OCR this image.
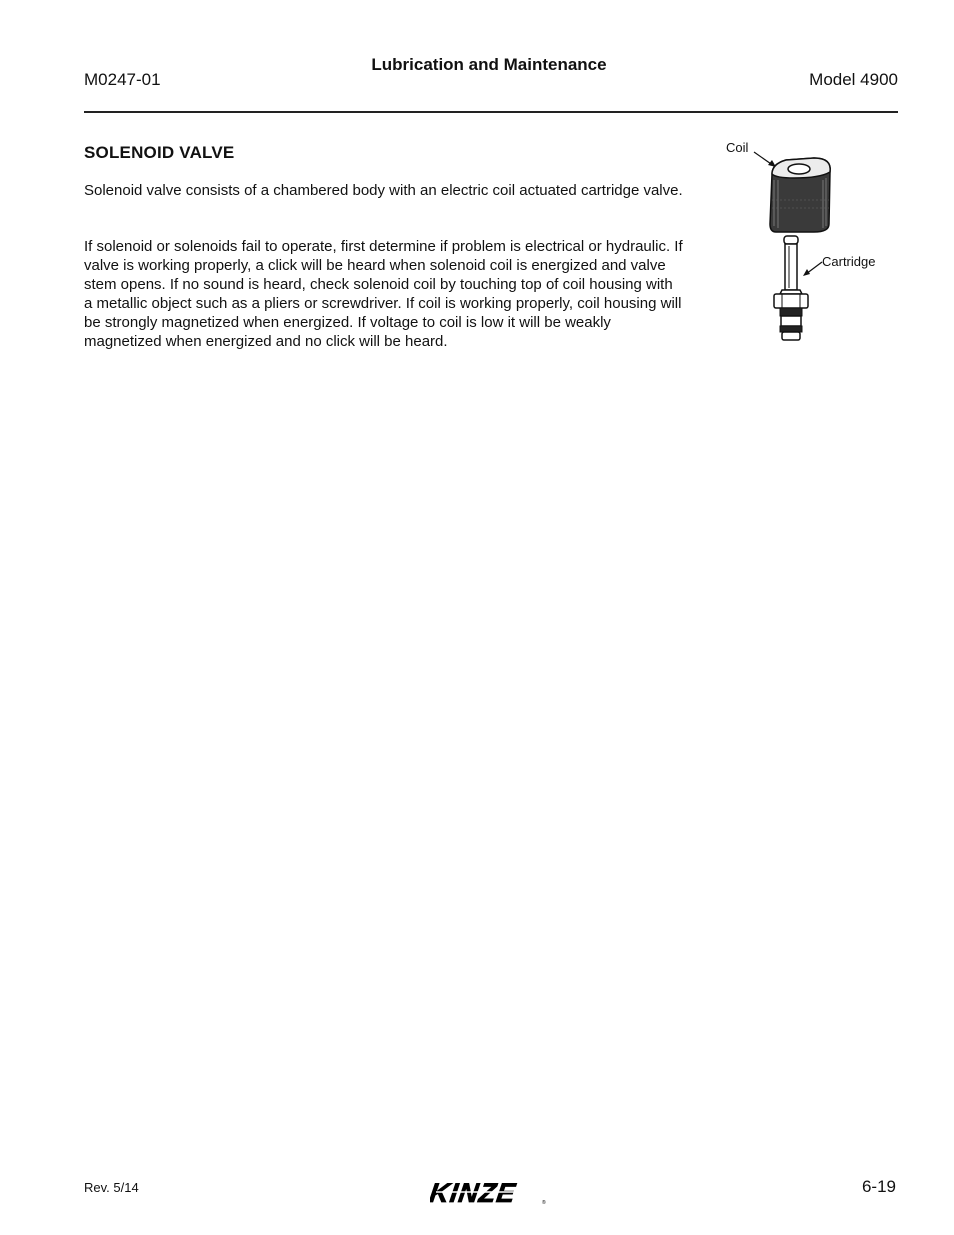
M0247-01
Lubrication and Maintenance
Model 4900
SOLENOID VALVE

Solenoid valve consists of a chambered body with an electric coil actuated cartridge valve.

If solenoid or solenoids fail to operate, first determine if problem is electrical or hydraulic. If valve is working properly, a click will be heard when solenoid coil is energized and valve stem opens. If no sound is heard, check solenoid coil by touching top of coil housing with a metallic object such as a pliers or screwdriver. If coil is working properly, coil housing will be strongly magnetized when energized. If voltage to coil is low it will be weakly magnetized when energized and no click will be heard.

Coil
Cartridge
Rev. 5/14	KINZE	®
6-19
